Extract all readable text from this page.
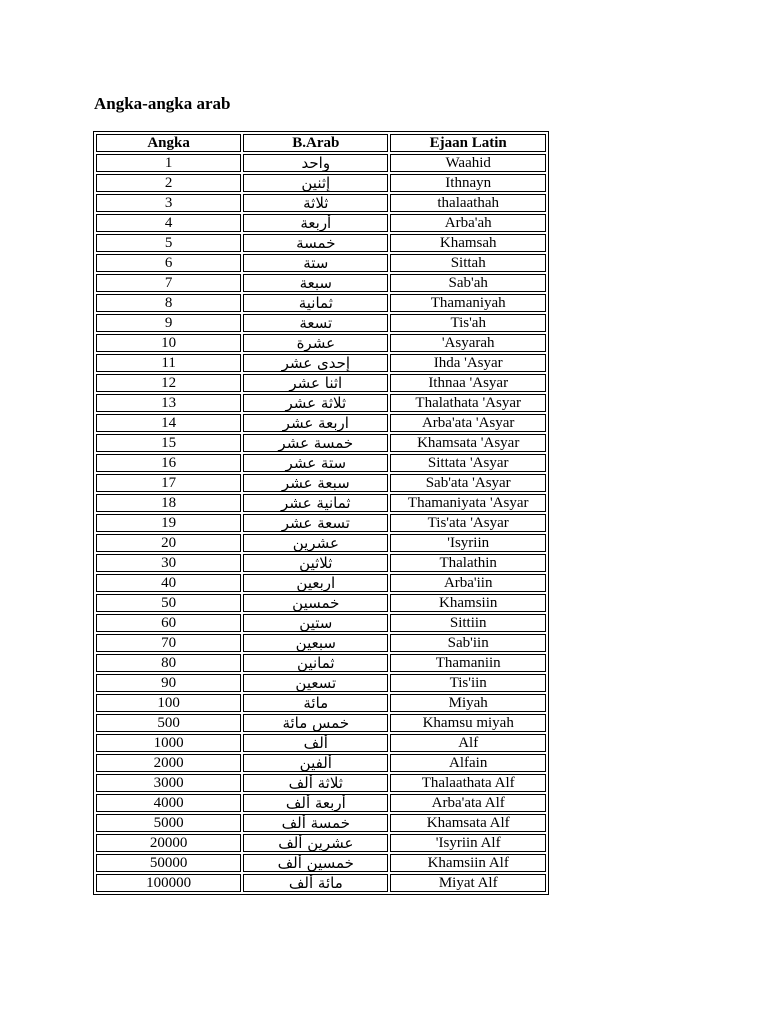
Angka-angka arab
Angka	B.Arab	Ejaan Latin
1	واحد	Waahid
2	إثنين	Ithnayn
3	ثلاثة	thalaathah
4	أربعة	Arba'ah
5	خمسة	Khamsah
6	ستة	Sittah
7	سبعة	Sab'ah
8	ثمانية	Thamaniyah
9	تسعة	Tis'ah
10	عشرة	'Asyarah
11	إحدى عشر	Ihda 'Asyar
12	اثنا عشر	Ithnaa 'Asyar
13	ثلاثة عشر	Thalathata 'Asyar
14	اربعة عشر	Arba'ata 'Asyar
15	خمسة عشر	Khamsata 'Asyar
16	ستة عشر	Sittata 'Asyar
17	سبعة عشر	Sab'ata 'Asyar
18	ثمانية عشر	Thamaniyata 'Asyar
19	تسعة عشر	Tis'ata 'Asyar
20	عشرين	'Isyriin
30	ثلاثين	Thalathin
40	اربعين	Arba'iin
50	خمسين	Khamsiin
60	ستين	Sittiin
70	سبعين	Sab'iin
80	ثمانين	Thamaniin
90	تسعين	Tis'iin
100	مائة	Miyah
500	خمس مائة	Khamsu miyah
1000	ألف	Alf
2000	ألفين	Alfain
3000	ثلاثة ألف	Thalaathata Alf
4000	أربعة ألف	Arba'ata Alf
5000	خمسة ألف	Khamsata Alf
20000	عشرين ألف	'Isyriin Alf
50000	خمسين ألف	Khamsiin Alf
100000	مائة ألف	Miyat Alf
